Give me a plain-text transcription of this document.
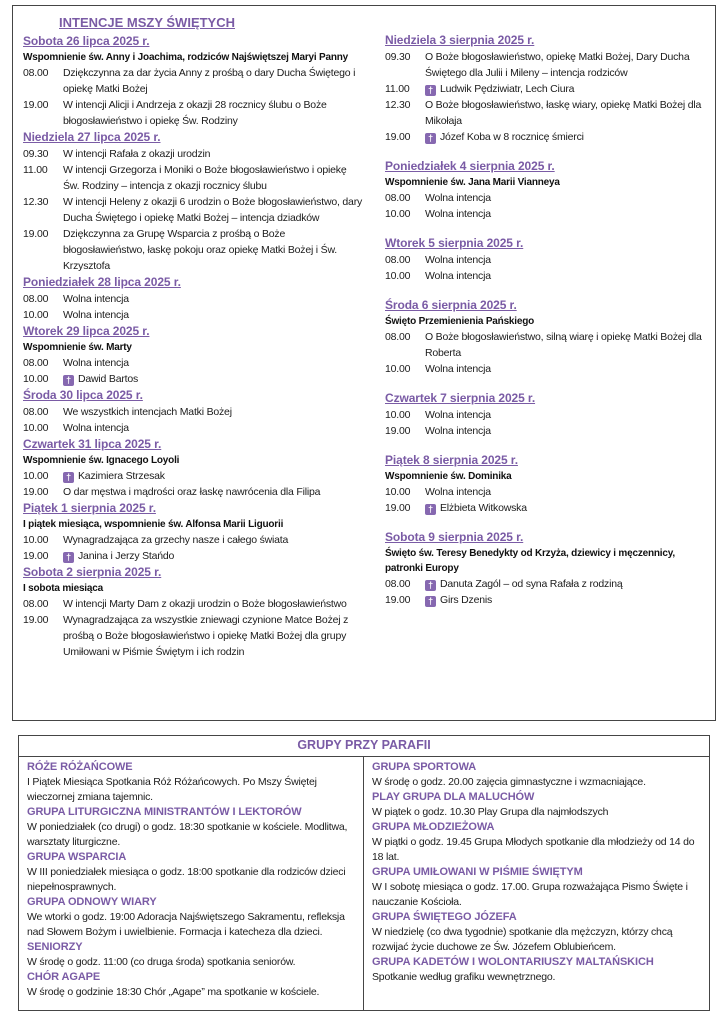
INTENCJE MSZY ŚWIĘTYCH
Sobota 26 lipca 2025 r.
Wspomnienie św. Anny i Joachima, rodziców Najświętszej Maryi Panny
08.00	Dziękczynna za dar życia Anny z prośbą o dary Ducha Świętego i opiekę Matki Bożej
19.00	W intencji Alicji i Andrzeja z okazji 28 rocznicy ślubu o Boże błogosławieństwo i opiekę Św. Rodziny
Niedziela 27 lipca 2025 r.
09.30	W intencji Rafała z okazji urodzin
11.00	W intencji Grzegorza i Moniki o Boże błogosławieństwo i opiekę Św. Rodziny – intencja z okazji rocznicy ślubu
12.30	W intencji Heleny z okazji 6 urodzin o Boże błogosławieństwo, dary Ducha Świętego i opiekę Matki Bożej – intencja dziadków
19.00	Dziękczynna za Grupę Wsparcia z prośbą o Boże błogosławieństwo, łaskę pokoju oraz opiekę Matki Bożej i Św. Krzysztofa
Poniedziałek 28 lipca 2025 r.
08.00	Wolna intencja
10.00	Wolna intencja
Wtorek 29 lipca 2025 r.
Wspomnienie św. Marty
08.00	Wolna intencja
10.00	† Dawid Bartos
Środa 30 lipca 2025 r.
08.00	We wszystkich intencjach Matki Bożej
10.00	Wolna intencja
Czwartek 31 lipca 2025 r.
Wspomnienie św. Ignacego Loyoli
10.00	† Kazimiera Strzesak
19.00	O dar męstwa i mądrości oraz łaskę nawrócenia dla Filipa
Piątek 1 sierpnia 2025 r.
I piątek miesiąca, wspomnienie św. Alfonsa Marii Liguorii
10.00	Wynagradzająca za grzechy nasze i całego świata
19.00	† Janina i Jerzy Stańdo
Sobota 2 sierpnia 2025 r.
I sobota miesiąca
08.00	W intencji Marty Dam z okazji urodzin o Boże błogosławieństwo
19.00	Wynagradzająca za wszystkie zniewagi czynione Matce Bożej z prośbą o Boże błogosławieństwo i opiekę Matki Bożej dla grupy Umiłowani w Piśmie Świętym i ich rodzin
Niedziela 3 sierpnia 2025 r.
09.30	O Boże błogosławieństwo, opiekę Matki Bożej, Dary Ducha Świętego dla Julii i Mileny – intencja rodziców
11.00	† Ludwik Pędziwiatr, Lech Ciura
12.30	O Boże błogosławieństwo, łaskę wiary, opiekę Matki Bożej dla Mikołaja
19.00	† Józef Koba w 8 rocznicę śmierci
Poniedziałek 4 sierpnia 2025 r.
Wspomnienie św. Jana Marii Vianneya
08.00	Wolna intencja
10.00	Wolna intencja
Wtorek 5 sierpnia 2025 r.
08.00	Wolna intencja
10.00	Wolna intencja
Środa 6 sierpnia 2025 r.
Święto Przemienienia Pańskiego
08.00	O Boże błogosławieństwo, silną wiarę i opiekę Matki Bożej dla Roberta
10.00	Wolna intencja
Czwartek 7 sierpnia 2025 r.
10.00	Wolna intencja
19.00	Wolna intencja
Piątek 8 sierpnia 2025 r.
Wspomnienie św. Dominika
10.00	Wolna intencja
19.00	† Elżbieta Witkowska
Sobota 9 sierpnia 2025 r.
Święto św. Teresy Benedykty od Krzyża, dziewicy i męczennicy, patronki Europy
08.00	† Danuta Zagól – od syna Rafała z rodziną
19.00	† Girs Dzenis
GRUPY PRZY PARAFII
RÓŻE RÓŻAŃCOWE
I Piątek Miesiąca Spotkania Róż Różańcowych. Po Mszy Świętej wieczornej zmiana tajemnic.
GRUPA LITURGICZNA MINISTRANTÓW I LEKTORÓW
W poniedziałek (co drugi) o godz. 18:30 spotkanie w kościele. Modlitwa, warsztaty liturgiczne.
GRUPA WSPARCIA
W III poniedziałek miesiąca o godz. 18:00 spotkanie dla rodziców dzieci niepełnosprawnych.
GRUPA ODNOWY WIARY
We wtorki o godz. 19:00 Adoracja Najświętszego Sakramentu, refleksja nad Słowem Bożym i uwielbienie. Formacja i katecheza dla dzieci.
SENIORZY
W środę o godz. 11:00 (co druga środa) spotkania seniorów.
CHÓR AGAPE
W środę o godzinie 18:30 Chór „Agape” ma spotkanie w kościele.
GRUPA SPORTOWA
W środę o godz. 20.00 zajęcia gimnastyczne i wzmacniające.
PLAY GRUPA DLA MALUCHÓW
W piątek o godz. 10.30 Play Grupa dla najmłodszych
GRUPA MŁODZIEŻOWA
W piątki o godz. 19.45 Grupa Młodych spotkanie dla młodzieży od 14 do 18 lat.
GRUPA UMIŁOWANI W PIŚMIE ŚWIĘTYM
W I sobotę miesiąca o godz. 17.00. Grupa rozważająca Pismo Święte i nauczanie Kościoła.
GRUPA ŚWIĘTEGO JÓZEFA
W niedzielę (co dwa tygodnie) spotkanie dla mężczyzn, którzy chcą rozwijać życie duchowe ze Św. Józefem Oblubieńcem.
GRUPA KADETÓW I WOLONTARIUSZY MALTAŃSKICH
Spotkanie według grafiku wewnętrznego.
